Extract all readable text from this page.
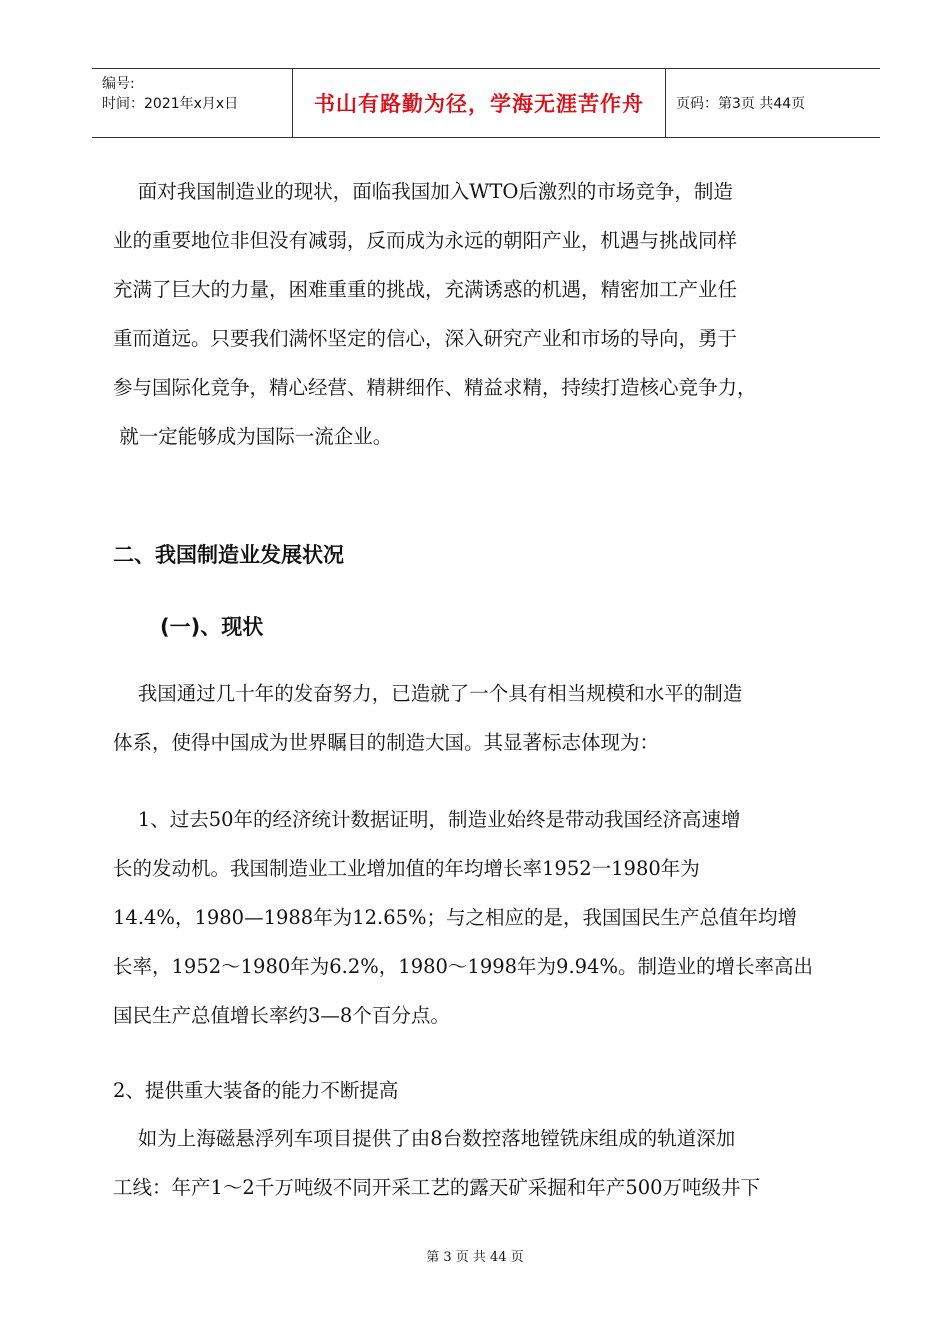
编号:
时间：2021年x月x日	书山有路勤为径，学海无涯苦作舟 页码：第3页 共44页
面对我国制造业的现状，面临我国加入WTO后激烈的市场竞争，制造
业的重要地位非但没有减弱，反而成为永远的朝阳产业，机遇与挑战同样
充满了巨大的力量，困难重重的挑战，充满诱惑的机遇，精密加工产业任
重而道远。只要我们满怀坚定的信心，深入研究产业和市场的导向，勇于
参与国际化竞争，精心经营、精耕细作、精益求精，持续打造核心竞争力，
就一定能够成为国际一流企业。
二、我国制造业发展状况
(一)、现状
我国通过几十年的发奋努力，已造就了一个具有相当规模和水平的制造
体系，使得中国成为世界瞩目的制造大国。其显著标志体现为：
1、过去50年的经济统计数据证明，制造业始终是带动我国经济高速增
长的发动机。我国制造业工业增加值的年均增长率1952一1980年为
14.4%，1980—1988年为12.65%；与之相应的是，我国国民生产总值年均增
长率，1952～1980年为6.2%，1980～1998年为9.94%。制造业的增长率高出
国民生产总值增长率约3—8个百分点。
2、提供重大装备的能力不断提高
如为上海磁悬浮列车项目提供了由8台数控落地镗铣床组成的轨道深加
工线：年产1～2千万吨级不同开采工艺的露天矿采掘和年产500万吨级井下
第 3 页 共 44 页
